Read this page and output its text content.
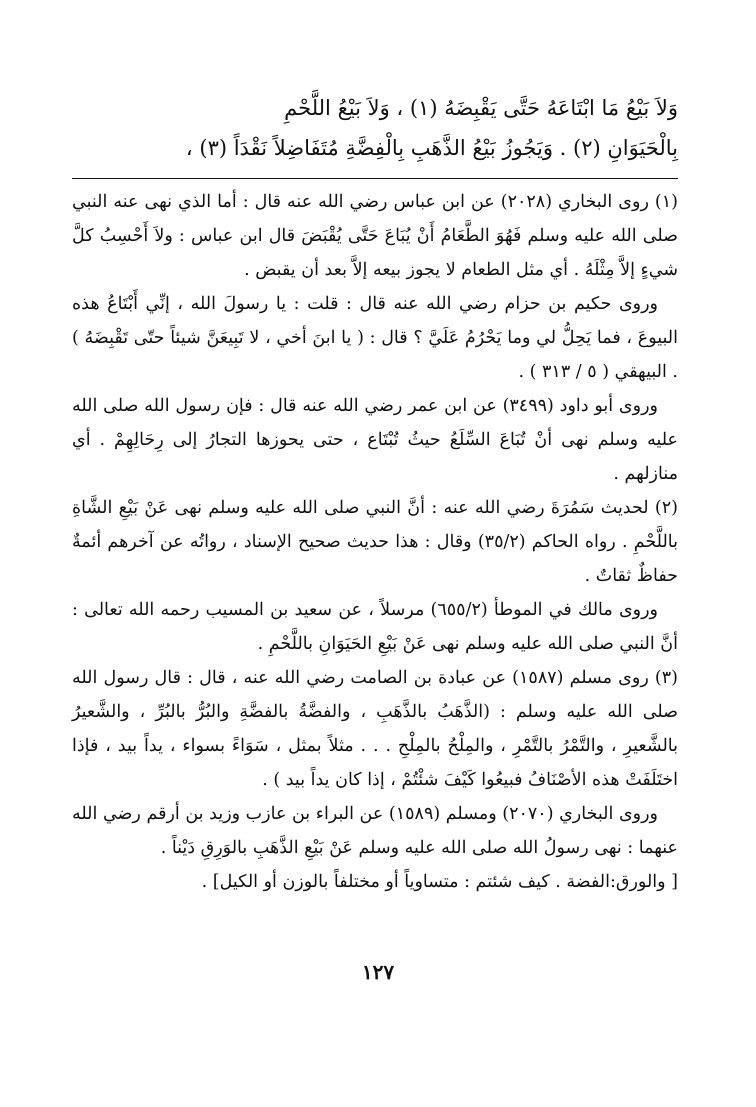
وَلاَ بَيْعُ مَا ابْتَاعَهُ حَتَّى يَقْبِضَهُ (١) ، وَلاَ بَيْعُ اللَّحْمِ

بِالْحَيَوَانِ (٢) . وَيَجُوزُ بَيْعُ الذَّهَبِ بِالْفِضَّةِ مُتَفَاضِلاً نَقْدَاً (٣) ،

(١) روى البخاري (٢٠٢٨) عن ابن عباس رضي الله عنه قال : أما الذي نهى عنه النبي صلى الله عليه وسلم فَهُوَ الطَّعَامُ أَنْ يُبَاعَ حَتَّى يُقْبَضَ قال ابن عباس : ولاَ أَحْسِبُ كلَّ شيءٍ إلاَّ مِثْلَهُ . أي مثل الطعام لا يجوز بيعه إلاَّ بعد أن يقبض .

وروى حكيم بن حزام رضي الله عنه قال : قلت : يا رسولَ الله ، إنِّي أَبْتَاعُ هذه البيوعَ ، فما يَحِلُّ لي وما يَحْرُمُ عَلَيَّ ؟ قال : ( يا ابنَ أخي ، لا تَبِيعَنَّ شيئاً حتّى تَقْبِضَهُ ) . البيهقي ( ٥ / ٣١٣ ) .

وروى أبو داود (٣٤٩٩) عن ابن عمر رضي الله عنه قال : فإن رسول الله صلى الله عليه وسلم نهى أنْ تُبَاعَ السِّلَعُ حيثُ تُبْتَاع ، حتى يحوزها التجارُ إلى رِحَالِهِمْ . أي منازلهم .

(٢) لحديث سَمُرَةَ رضي الله عنه : أنَّ النبي صلى الله عليه وسلم نهى عَنْ بَيْعِ الشَّاةِ باللَّحْمِ . رواه الحاكم (٣٥/٢) وقال : هذا حديث صحيح الإسناد ، رواتُه عن آخرهم أئمةٌ حفاظٌ ثقاتٌ .

وروى مالك في الموطأ (٦٥٥/٢) مرسلاً ، عن سعيد بن المسيب رحمه الله تعالى : أنَّ النبي صلى الله عليه وسلم نهى عَنْ بَيْعِ الحَيَوَانِ باللَّحْمِ .

(٣) روى مسلم (١٥٨٧) عن عبادة بن الصامت رضي الله عنه ، قال : قال رسول الله صلى الله عليه وسلم : (الذَّهَبُ بالذَّهَبِ ، والفضَّةُ بالفضَّةِ والبُرُّ بالبُرِّ ، والشَّعيرُ بالشَّعيرِ ، والتَّمْرُ بالتَّمْرِ ، والمِلْحُ بالمِلْحِ . . . مثلاً بمثل ، سَوَاءً بسواء ، يداً بيد ، فإذا اختَلَفَتْ هذه الأصْنَافُ فبيعُوا كَيْفَ شئْتُمْ ، إذا كان يداً بيد ) .

وروى البخاري (٢٠٧٠) ومسلم (١٥٨٩) عن البراء بن عازب وزيد بن أرقم رضي الله عنهما : نهى رسولُ الله صلى الله عليه وسلم عَنْ بَيْعِ الذَّهَبِ بالوَرِقِ دَيْناً .

[ والورق:الفضة . كيف شئتم : متساوياً أو مختلفاً بالوزن أو الكيل] .

١٢٧
